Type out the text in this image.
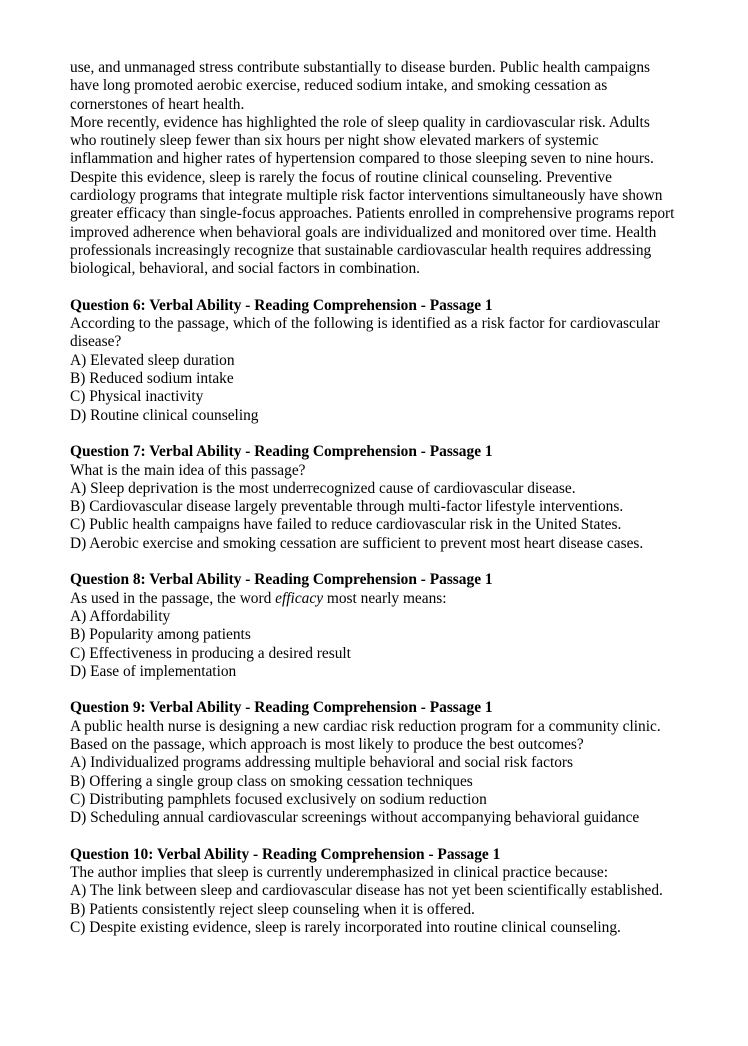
use, and unmanaged stress contribute substantially to disease burden. Public health campaigns have long promoted aerobic exercise, reduced sodium intake, and smoking cessation as cornerstones of heart health.

More recently, evidence has highlighted the role of sleep quality in cardiovascular risk. Adults who routinely sleep fewer than six hours per night show elevated markers of systemic inflammation and higher rates of hypertension compared to those sleeping seven to nine hours. Despite this evidence, sleep is rarely the focus of routine clinical counseling. Preventive cardiology programs that integrate multiple risk factor interventions simultaneously have shown greater efficacy than single-focus approaches. Patients enrolled in comprehensive programs report improved adherence when behavioral goals are individualized and monitored over time. Health professionals increasingly recognize that sustainable cardiovascular health requires addressing biological, behavioral, and social factors in combination.

Question 6: Verbal Ability - Reading Comprehension - Passage 1

According to the passage, which of the following is identified as a risk factor for cardiovascular disease?

A) Elevated sleep duration

B) Reduced sodium intake

C) Physical inactivity

D) Routine clinical counseling

Question 7: Verbal Ability - Reading Comprehension - Passage 1

What is the main idea of this passage?

A) Sleep deprivation is the most underrecognized cause of cardiovascular disease.

B) Cardiovascular disease largely preventable through multi-factor lifestyle interventions.

C) Public health campaigns have failed to reduce cardiovascular risk in the United States.

D) Aerobic exercise and smoking cessation are sufficient to prevent most heart disease cases.

Question 8: Verbal Ability - Reading Comprehension - Passage 1

As used in the passage, the word efficacy most nearly means:

A) Affordability

B) Popularity among patients

C) Effectiveness in producing a desired result

D) Ease of implementation

Question 9: Verbal Ability - Reading Comprehension - Passage 1

A public health nurse is designing a new cardiac risk reduction program for a community clinic. Based on the passage, which approach is most likely to produce the best outcomes?

A) Individualized programs addressing multiple behavioral and social risk factors

B) Offering a single group class on smoking cessation techniques

C) Distributing pamphlets focused exclusively on sodium reduction

D) Scheduling annual cardiovascular screenings without accompanying behavioral guidance

Question 10: Verbal Ability - Reading Comprehension - Passage 1

The author implies that sleep is currently underemphasized in clinical practice because:

A) The link between sleep and cardiovascular disease has not yet been scientifically established.

B) Patients consistently reject sleep counseling when it is offered.

C) Despite existing evidence, sleep is rarely incorporated into routine clinical counseling.
